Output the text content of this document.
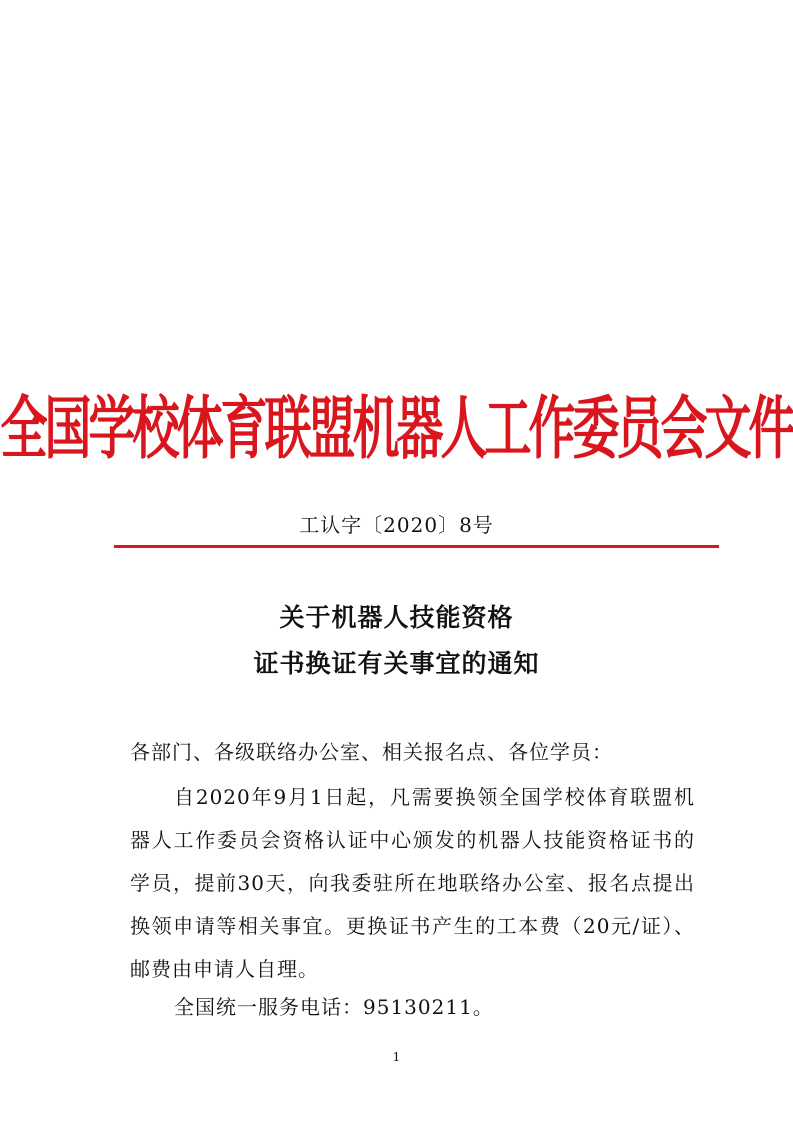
全国学校体育联盟机器人工作委员会文件
工认字〔2020〕8号
关于机器人技能资格
证书换证有关事宜的通知
各部门、各级联络办公室、相关报名点、各位学员：
自2020年9月1日起，凡需要换领全国学校体育联盟机器人工作委员会资格认证中心颁发的机器人技能资格证书的学员，提前30天，向我委驻所在地联络办公室、报名点提出换领申请等相关事宜。更换证书产生的工本费（20元/证）、邮费由申请人自理。
全国统一服务电话：95130211。
1
